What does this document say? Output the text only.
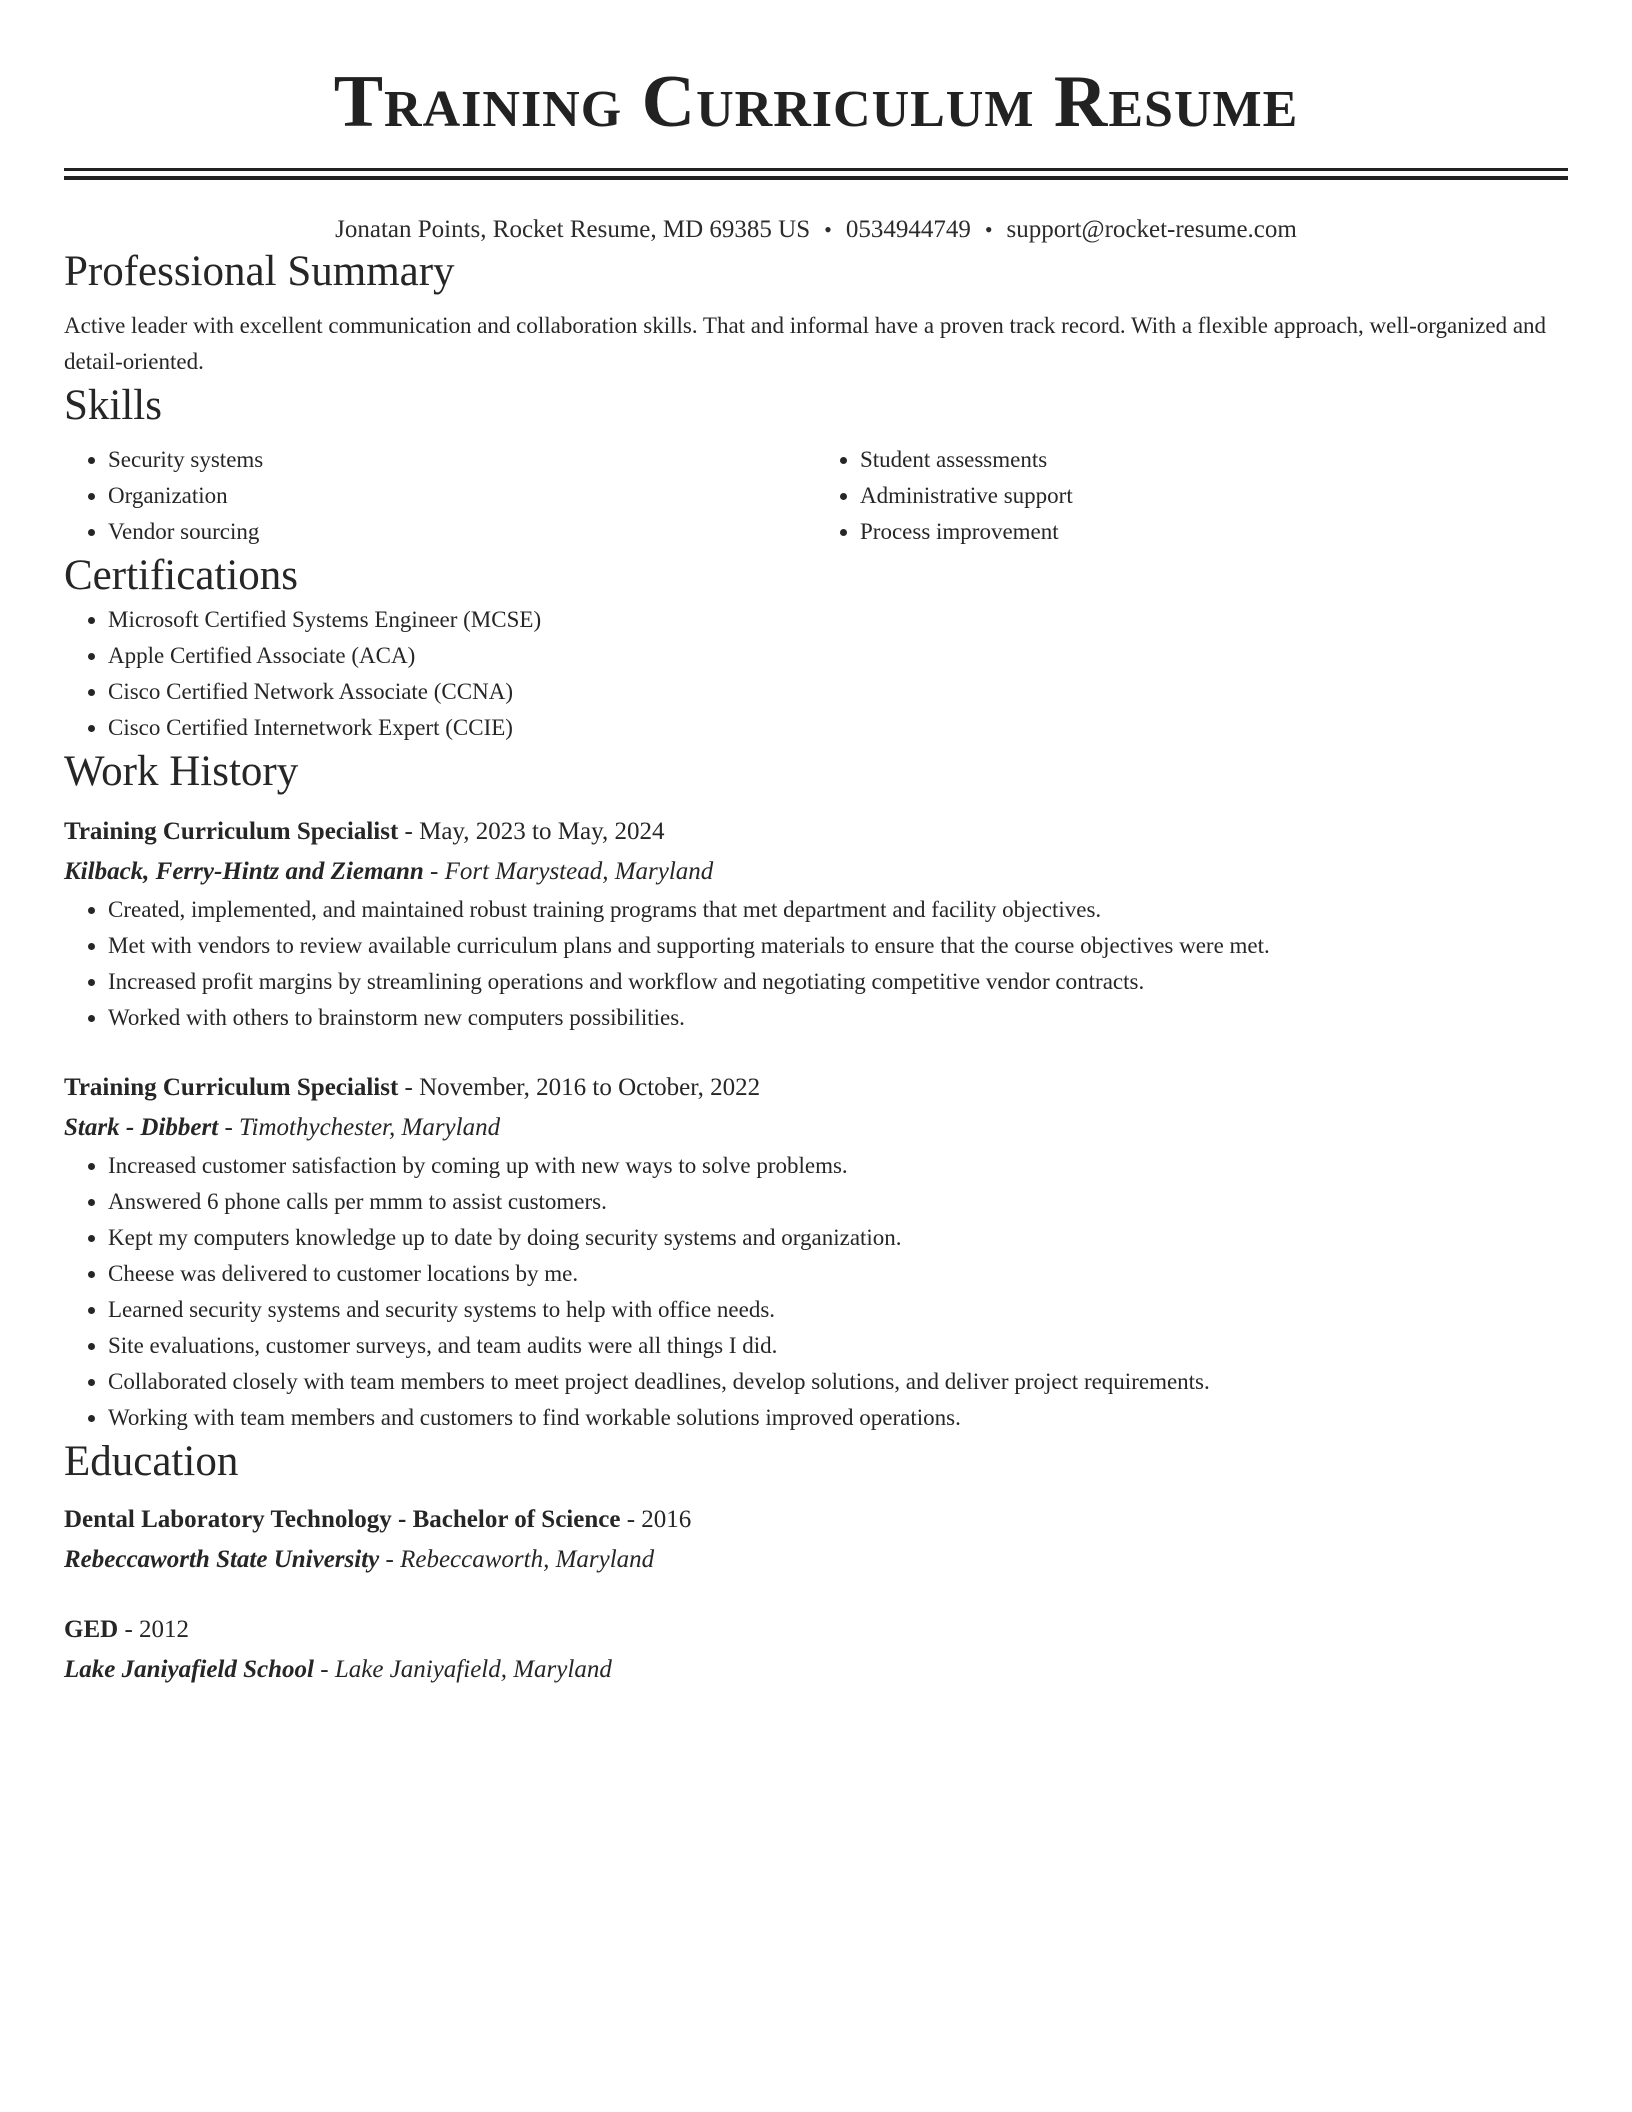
Training Curriculum Resume
Jonatan Points, Rocket Resume, MD 69385 US • 0534944749 • support@rocket-resume.com
Professional Summary

Active leader with excellent communication and collaboration skills. That and informal have a proven track record. With a flexible approach, well-organized and detail-oriented.

Skills
• Security systems
• Organization
• Vendor sourcing
• Student assessments
• Administrative support
• Process improvement
Certifications
• Microsoft Certified Systems Engineer (MCSE)
• Apple Certified Associate (ACA)
• Cisco Certified Network Associate (CCNA)
• Cisco Certified Internetwork Expert (CCIE)
Work History
Training Curriculum Specialist - May, 2023 to May, 2024
Kilback, Ferry-Hintz and Ziemann - Fort Marystead, Maryland
• Created, implemented, and maintained robust training programs that met department and facility objectives.
• Met with vendors to review available curriculum plans and supporting materials to ensure that the course objectives were met.
• Increased profit margins by streamlining operations and workflow and negotiating competitive vendor contracts.
• Worked with others to brainstorm new computers possibilities.
Training Curriculum Specialist - November, 2016 to October, 2022
Stark - Dibbert - Timothychester, Maryland
• Increased customer satisfaction by coming up with new ways to solve problems.
• Answered 6 phone calls per mmm to assist customers.
• Kept my computers knowledge up to date by doing security systems and organization.
• Cheese was delivered to customer locations by me.
• Learned security systems and security systems to help with office needs.
• Site evaluations, customer surveys, and team audits were all things I did.
• Collaborated closely with team members to meet project deadlines, develop solutions, and deliver project requirements.
• Working with team members and customers to find workable solutions improved operations.
Education
Dental Laboratory Technology - Bachelor of Science - 2016
Rebeccaworth State University - Rebeccaworth, Maryland
GED - 2012
Lake Janiyafield School - Lake Janiyafield, Maryland
